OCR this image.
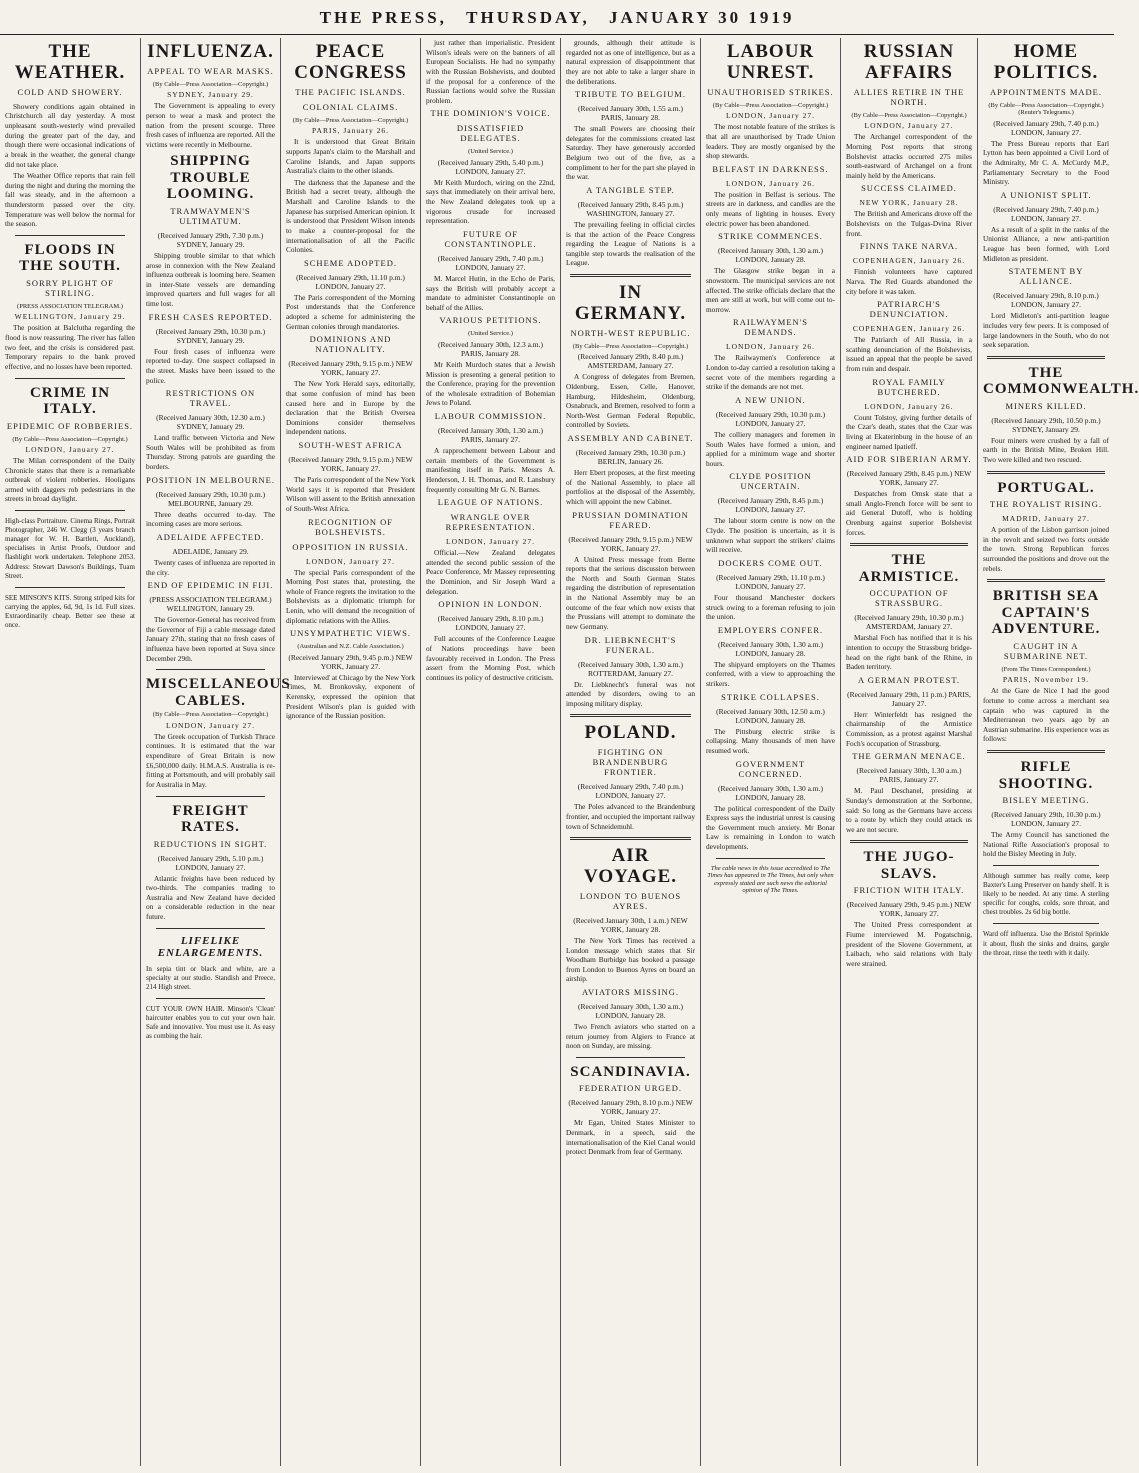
THE PRESS, THURSDAY, JANUARY 30 1919
THE WEATHER.
COLD AND SHOWERY.

Showery conditions again obtained in Christchurch all day yesterday. A most unpleasant south-westerly wind prevailed during the greater part of the day, and though there were occasional indications of a break in the weather, the general change did not take place.

The Weather Office reports that rain fell during the night and during the morning the fall was steady, and in the afternoon a thunderstorm passed over the city. Temperature was well below the normal for the season.

FLOODS IN THE SOUTH.
SORRY PLIGHT OF STIRLING.
(PRESS ASSOCIATION TELEGRAM.)
WELLINGTON, January 29.

The position at Balclutha regarding the flood is now reassuring. The river has fallen two feet, and the crisis is considered past. Temporary repairs to the bank proved effective, and no losses have been reported.

CRIME IN ITALY.
EPIDEMIC OF ROBBERIES.
(By Cable—Press Association—Copyright.)
LONDON, January 27.

The Milan correspondent of the Daily Chronicle states that there is a remarkable outbreak of violent robberies. Hooligans armed with daggers rob pedestrians in the streets in broad daylight.

High-class Portraiture. Cinema Rings, Portrait Photographer, 246 W. Clegg (3 years branch manager for W. H. Bartlett, Auckland), specialises in Artist Proofs, Outdoor and flashlight work undertaken. Telephone 2053. Address: Stewart Dawson's Buildings, Tuam Street.
SEE MINSON'S KITS. Strong striped kits for carrying the apples, 6d, 9d, 1s 1d. Full sizes. Extraordinarily cheap. Better see these at once.
INFLUENZA.
APPEAL TO WEAR MASKS.
(By Cable—Press Association—Copyright.)
SYDNEY, January 29.

The Government is appealing to every person to wear a mask and protect the nation from the present scourge. Three fresh cases of influenza are reported. All the victims were recently in Melbourne.

SHIPPING TROUBLE LOOMING.
TRAMWAYMEN'S ULTIMATUM.
(Received January 29th, 7.30 p.m.) SYDNEY, January 29.

Shipping trouble similar to that which arose in connexion with the New Zealand influenza outbreak is looming here. Seamen in inter-State vessels are demanding improved quarters and full wages for all time lost.

FRESH CASES REPORTED.
(Received January 29th, 10.30 p.m.) SYDNEY, January 29.

Four fresh cases of influenza were reported to-day. One suspect collapsed in the street. Masks have been issued to the police.

RESTRICTIONS ON TRAVEL.
(Received January 30th, 12.30 a.m.) SYDNEY, January 29.

Land traffic between Victoria and New South Wales will be prohibited as from Thursday. Strong patrols are guarding the borders.

POSITION IN MELBOURNE.
(Received January 29th, 10.30 p.m.) MELBOURNE, January 29.

Three deaths occurred to-day. The incoming cases are more serious.

ADELAIDE AFFECTED.
ADELAIDE, January 29.

Twenty cases of influenza are reported in the city.

END OF EPIDEMIC IN FIJI.
(PRESS ASSOCIATION TELEGRAM.) WELLINGTON, January 29.

The Governor-General has received from the Governor of Fiji a cable message dated January 27th, stating that no fresh cases of influenza have been reported at Suva since December 29th.

MISCELLANEOUS CABLES.
(By Cable—Press Association—Copyright.)
LONDON, January 27.

The Greek occupation of Turkish Thrace continues. It is estimated that the war expenditure of Great Britain is now £6,500,000 daily. H.M.A.S. Australia is re-fitting at Portsmouth, and will probably sail for Australia in May.

FREIGHT RATES.
REDUCTIONS IN SIGHT.
(Received January 29th, 5.10 p.m.) LONDON, January 27.

Atlantic freights have been reduced by two-thirds. The companies trading to Australia and New Zealand have decided on a considerable reduction in the near future.

LIFELIKE ENLARGEMENTS.
In sepia tint or black and white, are a specialty at our studio. Standish and Preece, 214 High street.
CUT YOUR OWN HAIR. Minson's 'Clean' haircutter enables you to cut your own hair. Safe and innovative. You must use it. As easy as combing the hair.
PEACE CONGRESS
THE PACIFIC ISLANDS.
COLONIAL CLAIMS.
(By Cable—Press Association—Copyright.)
PARIS, January 26.

It is understood that Great Britain supports Japan's claim to the Marshall and Caroline Islands, and Japan supports Australia's claim to the other islands.

The darkness that the Japanese and the British had a secret treaty, although the Marshall and Caroline Islands to the Japanese has surprised American opinion. It is understood that President Wilson intends to make a counter-proposal for the internationalisation of all the Pacific Colonies.

SCHEME ADOPTED.
(Received January 29th, 11.10 p.m.) LONDON, January 27.

The Paris correspondent of the Morning Post understands that the Conference adopted a scheme for administering the German colonies through mandatories.

DOMINIONS AND NATIONALITY.
(Received January 29th, 9.15 p.m.) NEW YORK, January 27.

The New York Herald says, editorially, that some confusion of mind has been caused here and in Europe by the declaration that the British Oversea Dominions consider themselves independent nations.

SOUTH-WEST AFRICA
(Received January 29th, 9.15 p.m.) NEW YORK, January 27.

The Paris correspondent of the New York World says it is reported that President Wilson will assent to the British annexation of South-West Africa.

RECOGNITION OF BOLSHEVISTS.
OPPOSITION IN RUSSIA.
LONDON, January 27.

The special Paris correspondent of the Morning Post states that, protesting, the whole of France regrets the invitation to the Bolshevists as a diplomatic triumph for Lenin, who will demand the recognition of diplomatic relations with the Allies.

UNSYMPATHETIC VIEWS.
(Australian and N.Z. Cable Association.)
(Received January 29th, 9.45 p.m.) NEW YORK, January 27.

Intervieweď at Chicago by the New York Times, M. Bronkovsky, exponent of Kerensky, expressed the opinion that President Wilson's plan is guided with ignorance of the Russian position.

just rather than imperialistic. President Wilson's ideals were on the banners of all European Socialists. He had no sympathy with the Russian Bolshevists, and doubted if the proposal for a conference of the Russian factions would solve the Russian problem.

THE DOMINION'S VOICE.
DISSATISFIED DELEGATES.
(United Service.)
(Received January 29th, 5.40 p.m.) LONDON, January 27.

Mr Keith Murdoch, wiring on the 22nd, says that immediately on their arrival here, the New Zealand delegates took up a vigorous crusade for increased representation.

FUTURE OF CONSTANTINOPLE.
(Received January 29th, 7.40 p.m.) LONDON, January 27.

M. Marcel Hutin, in the Echo de Paris, says the British will probably accept a mandate to administer Constantinople on behalf of the Allies.

VARIOUS PETITIONS.
(United Service.)
(Received January 30th, 12.3 a.m.) PARIS, January 28.

Mr Keith Murdoch states that a Jewish Mission is presenting a general petition to the Conference, praying for the prevention of the wholesale extradition of Bohemian Jews to Poland.

LABOUR COMMISSION.
(Received January 30th, 1.30 a.m.) PARIS, January 27.

A rapprochement between Labour and certain members of the Government is manifesting itself in Paris. Messrs A. Henderson, J. H. Thomas, and R. Lansbury frequently consulting Mr G. N. Barnes.

LEAGUE OF NATIONS.
WRANGLE OVER REPRESENTATION.
LONDON, January 27.

Official.—New Zealand delegates attended the second public session of the Peace Conference, Mr Massey representing the Dominion, and Sir Joseph Ward a delegation.

OPINION IN LONDON.
(Received January 29th, 8.10 p.m.) LONDON, January 27.

Full accounts of the Conference League of Nations proceedings have been favourably received in London. The Press assert from the Morning Post, which continues its policy of destructive criticism.

grounds, although their attitude is regarded not as one of intelligence, but as a natural expression of disappointment that they are not able to take a larger share in the deliberations.

TRIBUTE TO BELGIUM.
(Received January 30th, 1.55 a.m.) PARIS, January 28.

The small Powers are choosing their delegates for the commissions created last Saturday. They have generously accorded Belgium two out of the five, as a compliment to her for the part she played in the war.

A TANGIBLE STEP.
(Received January 29th, 8.45 p.m.) WASHINGTON, January 27.

The prevailing feeling in official circles is that the action of the Peace Congress regarding the League of Nations is a tangible step towards the realisation of the League.

IN GERMANY.
NORTH-WEST REPUBLIC.
(By Cable—Press Association—Copyright.)
(Received January 29th, 8.40 p.m.) AMSTERDAM, January 27.

A Congress of delegates from Bremen, Oldenburg, Essen, Celle, Hanover, Hamburg, Hildesheim, Oldenburg, Osnabruck, and Bremen, resolved to form a North-West German Federal Republic, controlled by Soviets.

ASSEMBLY AND CABINET.
(Received January 29th, 10.30 p.m.) BERLIN, January 26.

Herr Ebert proposes, at the first meeting of the National Assembly, to place all portfolios at the disposal of the Assembly, which will appoint the new Cabinet.

PRUSSIAN DOMINATION FEARED.
(Received January 29th, 9.15 p.m.) NEW YORK, January 27.

A United Press message from Berne reports that the serious discussion between the North and South German States regarding the distribution of representation in the National Assembly may be an outcome of the fear which now exists that the Prussians will attempt to dominate the new Germany.

DR. LIEBKNECHT'S FUNERAL.
(Received January 30th, 1.30 a.m.) ROTTERDAM, January 27.

Dr. Liebknecht's funeral was not attended by disorders, owing to an imposing military display.

POLAND.
FIGHTING ON BRANDENBURG FRONTIER.
(Received January 29th, 7.40 p.m.) LONDON, January 27.

The Poles advanced to the Brandenburg frontier, and occupied the important railway town of Schneidemuhl.

AIR VOYAGE.
LONDON TO BUENOS AYRES.
(Received January 30th, 1 a.m.) NEW YORK, January 28.

The New York Times has received a London message which states that Sir Woodham Burbidge has booked a passage from London to Buenos Ayres on board an airship.

AVIATORS MISSING.
(Received January 30th, 1.30 a.m.) LONDON, January 28.

Two French aviators who started on a return journey from Algiers to France at noon on Sunday, are missing.

SCANDINAVIA.
FEDERATION URGED.
(Received January 29th, 8.10 p.m.) NEW YORK, January 27.

Mr Egan, United States Minister to Denmark, in a speech, said the internationalisation of the Kiel Canal would protect Denmark from fear of Germany.

LABOUR UNREST.
UNAUTHORISED STRIKES.
(By Cable—Press Association—Copyright.)
LONDON, January 27.

The most notable feature of the strikes is that all are unauthorised by Trade Union leaders. They are mostly organised by the shop stewards.

BELFAST IN DARKNESS.
LONDON, January 26.

The position in Belfast is serious. The streets are in darkness, and candles are the only means of lighting in houses. Every electric power has been abandoned.

STRIKE COMMENCES.
(Received January 30th, 1.30 a.m.) LONDON, January 28.

The Glasgow strike began in a snowstorm. The municipal services are not affected. The strike officials declare that the men are still at work, but will come out to-morrow.

RAILWAYMEN'S DEMANDS.
LONDON, January 26.

The Railwaymen's Conference at London to-day carried a resolution taking a secret vote of the members regarding a strike if the demands are not met.

A NEW UNION.
(Received January 29th, 10.30 p.m.) LONDON, January 27.

The colliery managers and foremen in South Wales have formed a union, and applied for a minimum wage and shorter hours.

CLYDE POSITION UNCERTAIN.
(Received January 29th, 8.45 p.m.) LONDON, January 27.

The labour storm centre is now on the Clyde. The position is uncertain, as it is unknown what support the strikers' claims will receive.

DOCKERS COME OUT.
(Received January 29th, 11.10 p.m.) LONDON, January 27.

Four thousand Manchester dockers struck owing to a foreman refusing to join the union.

EMPLOYERS CONFER.
(Received January 30th, 1.30 a.m.) LONDON, January 28.

The shipyard employers on the Thames conferred, with a view to approaching the strikers.

STRIKE COLLAPSES.
(Received January 30th, 12.50 a.m.) LONDON, January 28.

The Pittsburg electric strike is collapsing. Many thousands of men have resumed work.

GOVERNMENT CONCERNED.
(Received January 30th, 1.30 a.m.) LONDON, January 28.

The political correspondent of the Daily Express says the industrial unrest is causing the Government much anxiety. Mr Bonar Law is remaining in London to watch developments.

The cable news in this issue accredited to The Times has appeared in The Times, but only when expressly stated are such news the editorial opinion of The Times.
RUSSIAN AFFAIRS
ALLIES RETIRE IN THE NORTH.
(By Cable—Press Association—Copyright.)
LONDON, January 27.

The Archangel correspondent of the Morning Post reports that strong Bolshevist attacks occurred 275 miles south-eastward of Archangel on a front mainly held by the Americans.

SUCCESS CLAIMED.
NEW YORK, January 28.

The British and Americans drove off the Bolshevists on the Tulgas-Dvina River front.

FINNS TAKE NARVA.
COPENHAGEN, January 26.

Finnish volunteers have captured Narva. The Red Guards abandoned the city before it was taken.

PATRIARCH'S DENUNCIATION.
COPENHAGEN, January 26.

The Patriarch of All Russia, in a scathing denunciation of the Bolshevists, issued an appeal that the people be saved from ruin and despair.

ROYAL FAMILY BUTCHERED.
LONDON, January 26.

Count Tolstoy, giving further details of the Czar's death, states that the Czar was living at Ekaterinburg in the house of an engineer named Ipatieff.

AID FOR SIBERIAN ARMY.
(Received January 29th, 8.45 p.m.) NEW YORK, January 27.

Despatches from Omsk state that a small Anglo-French force will be sent to aid General Dutoff, who is holding Orenburg against superior Bolshevist forces.

THE ARMISTICE.
OCCUPATION OF STRASSBURG.
(Received January 29th, 10.30 p.m.) AMSTERDAM, January 27.

Marshal Foch has notified that it is his intention to occupy the Strassburg bridge-head on the right bank of the Rhine, in Baden territory.

A GERMAN PROTEST.
(Received January 29th, 11 p.m.) PARIS, January 27.

Herr Winterfeldt has resigned the chairmanship of the Armistice Commission, as a protest against Marshal Foch's occupation of Strassburg.

THE GERMAN MENACE.
(Received January 30th, 1.30 a.m.) PARIS, January 27.

M. Paul Deschanel, presiding at Sunday's demonstration at the Sorbonne, said: So long as the Germans have access to a route by which they could attack us we are not secure.

THE JUGO-SLAVS.
FRICTION WITH ITALY.
(Received January 29th, 9.45 p.m.) NEW YORK, January 27.

The United Press correspondent at Fiume interviewed M. Pogatschnig, president of the Slovene Government, at Laibach, who said relations with Italy were strained.

HOME POLITICS.
APPOINTMENTS MADE.
(By Cable—Press Association—Copyright.) (Reuter's Telegrams.)
(Received January 29th, 7.40 p.m.) LONDON, January 27.

The Press Bureau reports that Earl Lytton has been appointed a Civil Lord of the Admiralty, Mr C. A. McCurdy M.P., Parliamentary Secretary to the Food Ministry.

A UNIONIST SPLIT.
(Received January 29th, 7.40 p.m.) LONDON, January 27.

As a result of a split in the ranks of the Unionist Alliance, a new anti-partition League has been formed, with Lord Midleton as president.

STATEMENT BY ALLIANCE.
(Received January 29th, 8.10 p.m.) LONDON, January 27.

Lord Midleton's anti-partition league includes very few peers. It is composed of large landowners in the South, who do not seek separation.

THE COMMONWEALTH.
MINERS KILLED.
(Received January 29th, 10.50 p.m.) SYDNEY, January 29.

Four miners were crushed by a fall of earth in the British Mine, Broken Hill. Two were killed and two rescued.

PORTUGAL.
THE ROYALIST RISING.
MADRID, January 27.

A portion of the Lisbon garrison joined in the revolt and seized two forts outside the town. Strong Republican forces surrounded the positions and drove out the rebels.

BRITISH SEA CAPTAIN'S ADVENTURE.
CAUGHT IN A SUBMARINE NET.
(From The Times Correspondent.)
PARIS, November 19.

At the Gare de Nice I had the good fortune to come across a merchant sea captain who was captured in the Mediterranean two years ago by an Austrian submarine. His experience was as follows:

RIFLE SHOOTING.
BISLEY MEETING.
(Received January 29th, 10.30 p.m.) LONDON, January 27.

The Army Council has sanctioned the National Rifle Association's proposal to hold the Bisley Meeting in July.

Although summer has really come, keep Baxter's Lung Preserver on handy shelf. It is likely to be needed. At any time. A sterling specific for coughs, colds, sore throat, and chest troubles. 2s 6d big bottle.
Ward off influenza. Use the Bristol Sprinkle it about, flush the sinks and drains, gargle the throat, rinse the teeth with it daily.
